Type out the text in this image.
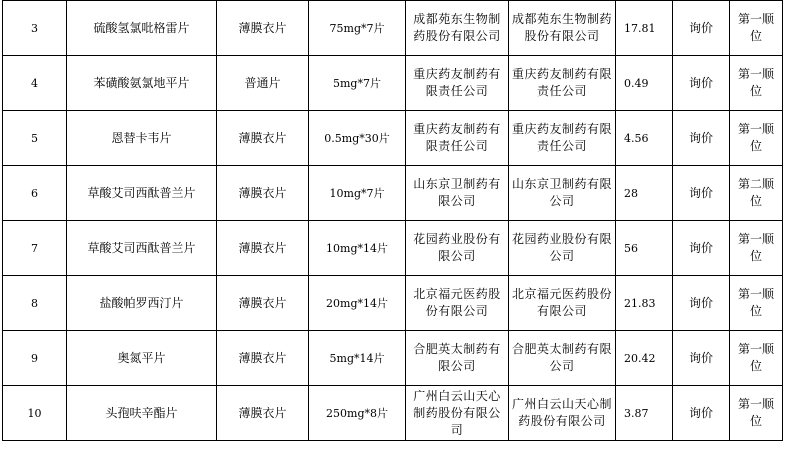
3	硫酸氢氯吡格雷片	薄膜衣片	75mg*7片	成都苑东生物制药股份有限公司	成都苑东生物制药股份有限公司	17.81	询价	第一顺位
4	苯磺酸氨氯地平片	普通片	5mg*7片	重庆药友制药有限责任公司	重庆药友制药有限责任公司	0.49	询价	第一顺位
5	恩替卡韦片	薄膜衣片	0.5mg*30片	重庆药友制药有限责任公司	重庆药友制药有限责任公司	4.56	询价	第一顺位
6	草酸艾司西酞普兰片	薄膜衣片	10mg*7片	山东京卫制药有限公司	山东京卫制药有限公司	28	询价	第二顺位
7	草酸艾司西酞普兰片	薄膜衣片	10mg*14片	花园药业股份有限公司	花园药业股份有限公司	56	询价	第一顺位
8	盐酸帕罗西汀片	薄膜衣片	20mg*14片	北京福元医药股份有限公司	北京福元医药股份有限公司	21.83	询价	第一顺位
9	奥氮平片	薄膜衣片	5mg*14片	合肥英太制药有限公司	合肥英太制药有限公司	20.42	询价	第一顺位
10	头孢呋辛酯片	薄膜衣片	250mg*8片	广州白云山天心制药股份有限公司	广州白云山天心制药股份有限公司	3.87	询价	第一顺位
